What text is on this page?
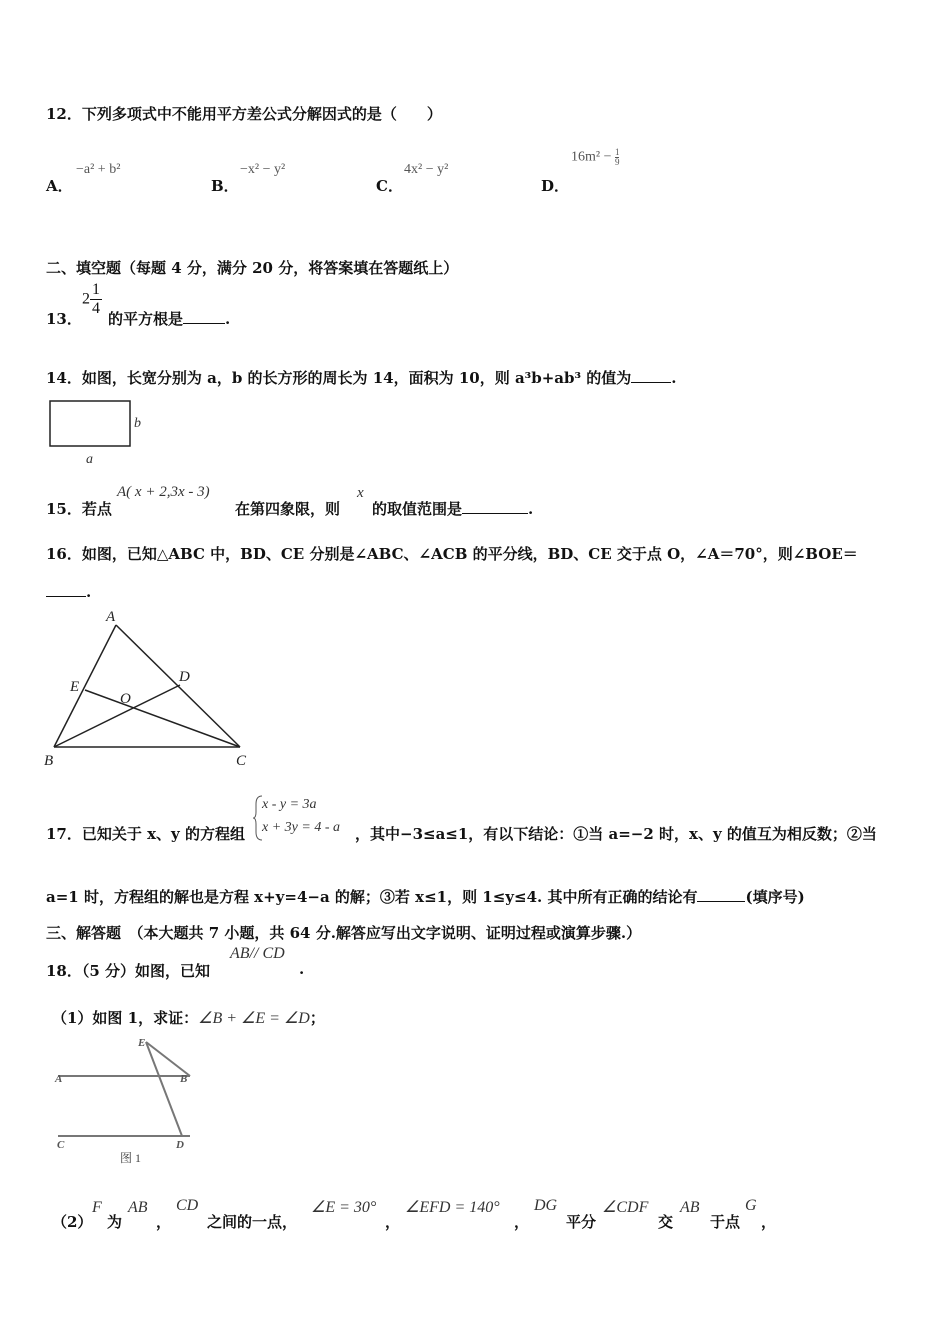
12．下列多项式中不能用平方差公式分解因式的是（　　）
A．
−a² + b²
B．
−x² − y²
C．
4x² − y²
D．
$16m^2 - \frac{1}{9}$
二、填空题（每题 4 分，满分 20 分，将答案填在答题纸上）
13．
$2 \frac{1}{4}$
的平方根是	.
14．如图，长宽分别为 a，b 的长方形的周长为 14，面积为 10，则 a³b+ab³ 的值为	.
b
a
15．若点
A( x + 2,3x - 3)
在第四象限，则
x
的取值范围是	.
16．如图，已知△ABC 中，BD、CE 分别是∠ABC、∠ACB 的平分线，BD、CE 交于点 O，∠A＝70°，则∠BOE＝
.
A
B	C
D
E
O
17．已知关于 x、y 的方程组
x - y = 3a
x + 3y = 4 - a ，其中−3≤a≤1，有以下结论：①当 a=−2 时，x、y 的值互为相反数；②当
a=1 时，方程组的解也是方程 x+y=4−a 的解；③若 x≤1，则 1≤y≤4. 其中所有正确的结论有	(填序号)
三、解答题　（本大题共 7 小题，共 64 分.解答应写出文字说明、证明过程或演算步骤.）
18．（5 分）如图，已知
AB// CD
.
（1）如图 1，求证：∠B + ∠E = ∠D；
A	B
C	D
E
图 1
（2）
F
为
AB
，
CD
之间的一点，
∠E = 30°
，
∠EFD = 140°
，
DG
平分
∠CDF
交
AB
于点
G
，
